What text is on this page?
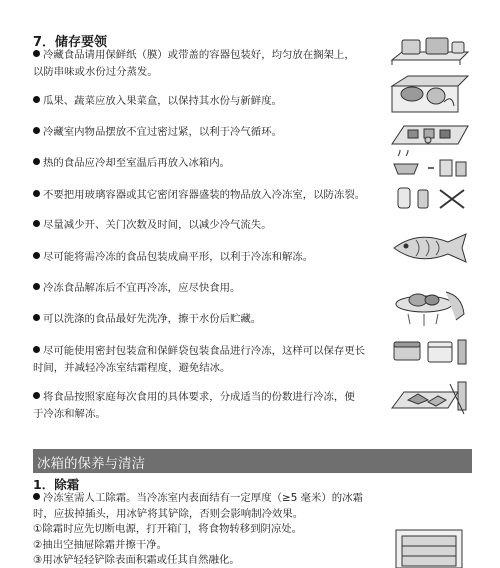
7．储存要领
冷藏食品请用保鲜纸（膜）或带盖的容器包装好，均匀放在搁架上，
以防串味或水份过分蒸发。
瓜果、蔬菜应放入果菜盒，以保持其水份与新鲜度。
冷藏室内物品摆放不宜过密过紧，以利于冷气循环。
热的食品应冷却至室温后再放入冰箱内。
不要把用玻璃容器或其它密闭容器盛装的物品放入冷冻室，以防冻裂。
尽量减少开、关门次数及时间，以减少冷气流失。
尽可能将需冷冻的食品包装成扁平形，以利于冷冻和解冻。
冷冻食品解冻后不宜再冷冻，应尽快食用。
可以洗涤的食品最好先洗净，擦干水份后贮藏。
尽可能使用密封包装盒和保鲜袋包装食品进行冷冻，这样可以保存更长
时间，并减轻冷冻室结霜程度，避免结冰。
将食品按照家庭每次食用的具体要求，分成适当的份数进行冷冻，便
于冷冻和解冻。
冰箱的保养与清洁
1．除霜
冷冻室需人工除霜。当冷冻室内表面结有一定厚度（≥5 毫米）的冰霜
时，应拔掉插头，用冰铲将其铲除，否则会影响制冷效果。
①除霜时应先切断电源，打开箱门，将食物转移到阴凉处。
②抽出空抽屉除霜并擦干净。
③用冰铲轻轻铲除表面积霜或任其自然融化。
